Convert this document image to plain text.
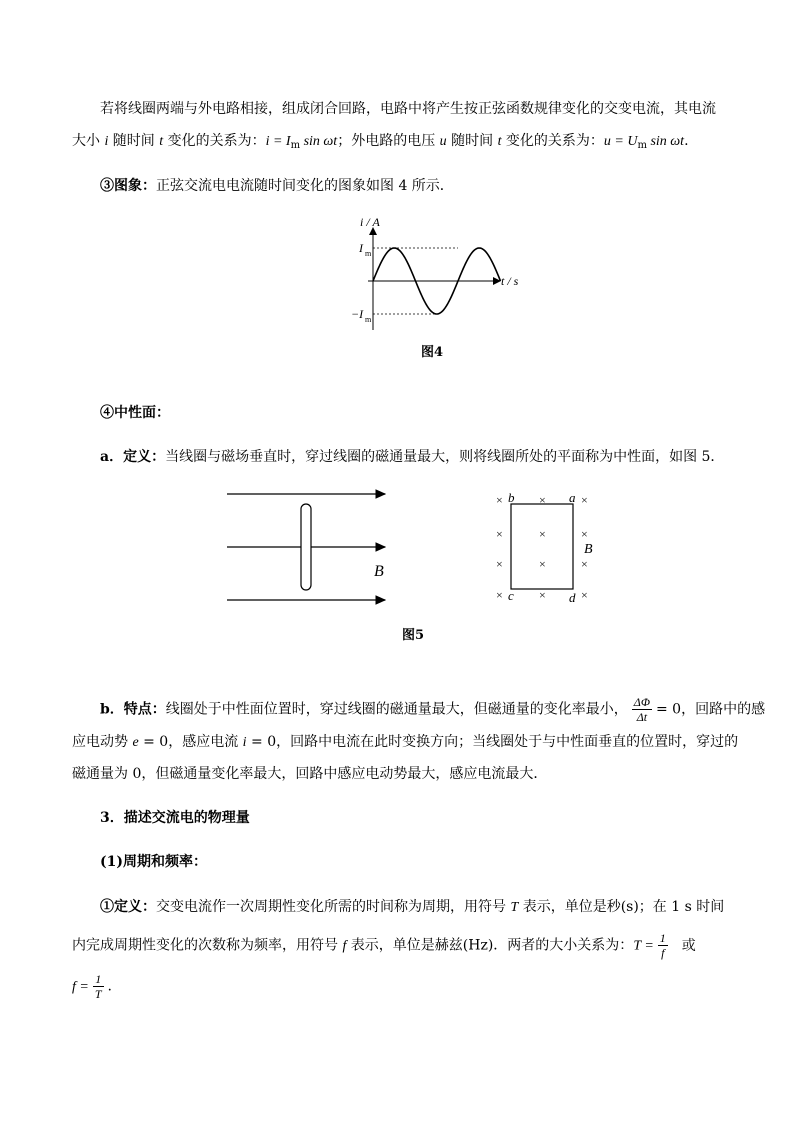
若将线圈两端与外电路相接，组成闭合回路，电路中将产生按正弦函数规律变化的交变电流，其电流
大小 i 随时间 t 变化的关系为：$i = I_m$ sin ωt；外电路的电压 u 随时间 t 变化的关系为：$u = U_m$ sin ωt.
③图象：正弦交流电电流随时间变化的图象如图 4 所示．
i / A
t / s
I m
−I m
图4
④中性面：
a．定义：当线圈与磁场垂直时，穿过线圈的磁通量最大，则将线圈所处的平面称为中性面，如图 5．
B
×	×	×
×	×	×
×	×	×
×	×	×
b	a
c	d
B
图5
b．特点：线圈处于中性面位置时，穿过线圈的磁通量最大，但磁通量的变化率最小， $\frac{\Delta\Phi}{\Delta t} = 0$，回路中的感
应电动势 e = 0，感应电流 i = 0，回路中电流在此时变换方向；当线圈处于与中性面垂直的位置时，穿过的
磁通量为 0，但磁通量变化率最大，回路中感应电动势最大，感应电流最大．
3．描述交流电的物理量
(1)周期和频率：
①定义：交变电流作一次周期性变化所需的时间称为周期，用符号 T 表示，单位是秒(s)；在 1 s 时间
内完成周期性变化的次数称为频率，用符号 f 表示，单位是赫兹(Hz)．两者的大小关系为：$T = \frac{1}{f}$ 或
$f = \frac{1}{T}$ .
